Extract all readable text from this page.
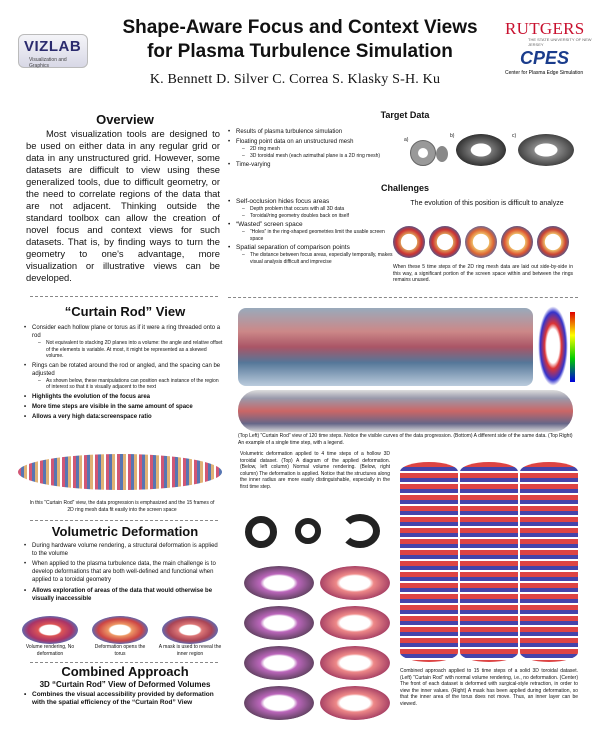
VIZLAB
Visualization and Graphics
Shape-Aware Focus and Context Views
for Plasma Turbulence Simulation
K. Bennett D. Silver C. Correa S. Klasky S-H. Ku
RUTGERS
THE STATE UNIVERSITY OF NEW JERSEY
CPES
Center for Plasma Edge Simulation
Overview
Most visualization tools are designed to be used on either data in any regular grid or data in any unstructured grid. However, some datasets are difficult to view using these generalized tools, due to difficult geometry, or the need to correlate regions of the data that are not adjacent. Thinking outside the standard toolbox can allow the creation of novel focus and context views for such datasets. That is, by finding ways to turn the geometry to one's advantage, more visualization or illustrative views can be developed.
Target Data
• Results of plasma turbulence simulation
• Floating point data on an unstructured mesh
– 2D ring mesh
– 3D toroidal mesh (each azimuthal plane is a 2D ring mesh)
• Time-varying
a)
b)	c)
Challenges
• Self-occlusion hides focus areas
– Depth problem that occurs with all 3D data
– Toroidal/ring geometry doubles back on itself
• “Wasted” screen space
– “Holes” in the ring-shaped geometries limit the usable screen space
• Spatial separation of comparison points
– The distance between focus areas, especially temporally, makes visual analysis difficult and imprecise
The evolution of this position is difficult to analyze
When these 5 time steps of the 2D ring mesh data are laid out side-by-side in this way, a significant portion of the screen space within and between the rings remains unused.
“Curtain Rod” View
• Consider each hollow plane or torus as if it were a ring threaded onto a rod
– Not equivalent to stacking 2D planes into a volume: the angle and relative offset of the elements is variable. At most, it might be represented as a skewed volume.
• Rings can be rotated around the rod or angled, and the spacing can be adjusted
– As shown below, these manipulations can position each instance of the region of interest so that it is visually adjacent to the next
• Highlights the evolution of the focus area
• More time steps are visible in the same amount of space
• Allows a very high data:screenspace ratio
In this “Curtain Rod” view, the data progression is emphasized and the 15 frames of 2D ring mesh data fit easily into the screen space
(Top Left) “Curtain Rod” view of 120 time steps. Notice the visible curves of the data progression. (Bottom) A different side of the same data. (Top Right) An example of a single time step, with a legend.
Volumetric Deformation
• During hardware volume rendering, a structural deformation is applied to the volume
• When applied to the plasma turbulence data, the main challenge is to develop deformations that are both well-defined and functional when applied to a toroidal geometry
• Allows exploration of areas of the data that would otherwise be visually inaccessible
Volume rendering, No deformation
Deformation opens the torus
A mask is used to reveal the inner region
Volumetric deformation applied to 4 time steps of a hollow 3D toroidal dataset. (Top) A diagram of the applied deformation. (Below, left column) Normal volume rendering. (Below, right column) The deformation is applied. Notice that the structures along the inner radius are more easily distinguishable, especially in the first time step.
Combined approach applied to 15 time steps of a solid 3D toroidal dataset. (Left) “Curtain Rod” with normal volume rendering, i.e., no deformation. (Center) The front of each dataset is deformed with surgical-style retraction, in order to view the inner values. (Right) A mask has been applied during deformation, so that the inner area of the torus does not move. Thus, an inner layer can be viewed.
Combined Approach
3D “Curtain Rod” View of Deformed Volumes
• Combines the visual accessibility provided by deformation with the spatial efficiency of the “Curtain Rod” View
